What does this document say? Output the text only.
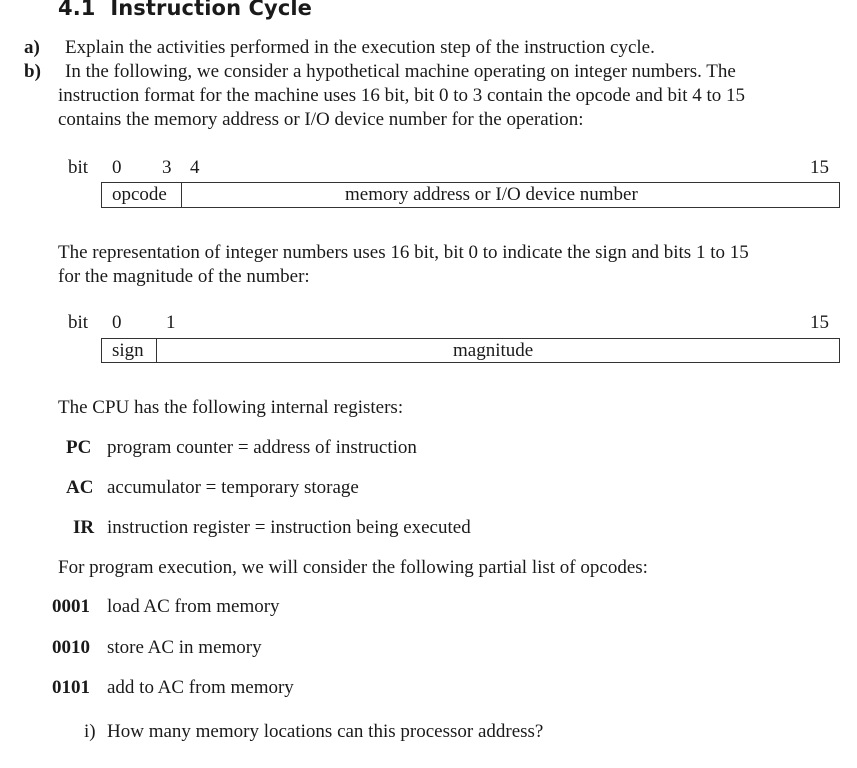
4.1 Instruction Cycle
a) Explain the activities performed in the execution step of the instruction cycle.
b) In the following, we consider a hypothetical machine operating on integer numbers. The
instruction format for the machine uses 16 bit, bit 0 to 3 contain the opcode and bit 4 to 15
contains the memory address or I/O device number for the operation:
bit 0 3 4	15
opcode	memory address or I/O device number
The representation of integer numbers uses 16 bit, bit 0 to indicate the sign and bits 1 to 15
for the magnitude of the number:
bit 0 1	15
sign	magnitude
The CPU has the following internal registers:
PC program counter = address of instruction
AC accumulator = temporary storage
IR instruction register = instruction being executed
For program execution, we will consider the following partial list of opcodes:
0001 load AC from memory
0010 store AC in memory
0101 add to AC from memory
i) How many memory locations can this processor address?
